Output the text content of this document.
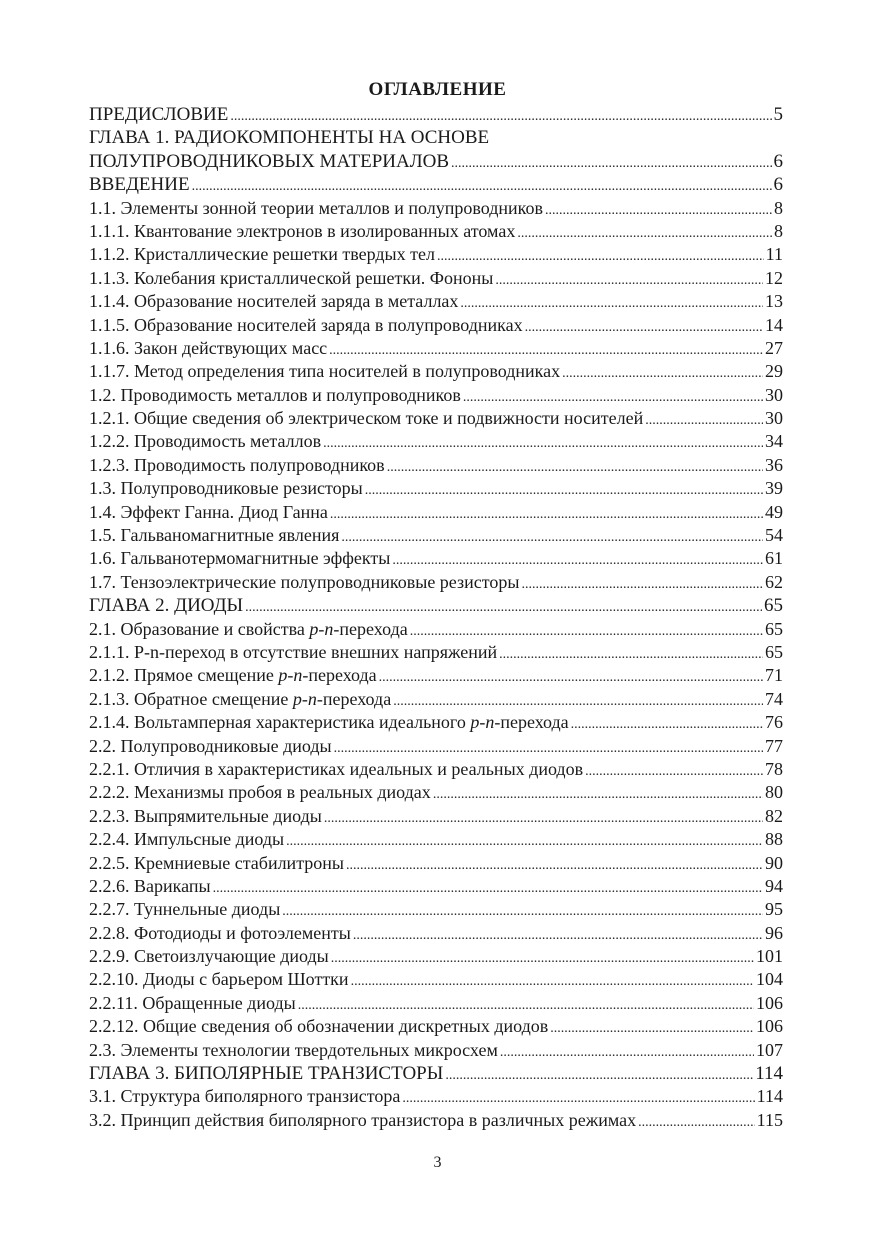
ОГЛАВЛЕНИЕ
ПРЕДИСЛОВИЕ .....	5
ГЛАВА 1. РАДИОКОМПОНЕНТЫ НА ОСНОВЕ
ПОЛУПРОВОДНИКОВЫХ МАТЕРИАЛОВ .....	6
ВВЕДЕНИЕ .....	6
1.1. Элементы зонной теории металлов и полупроводников .....	8
1.1.1. Квантование электронов в изолированных атомах .....	8
1.1.2. Кристаллические решетки твердых тел .....	11
1.1.3. Колебания кристаллической решетки. Фононы .....	12
1.1.4. Образование носителей заряда в металлах .....	13
1.1.5. Образование носителей заряда в полупроводниках .....	14
1.1.6. Закон действующих масс .....	27
1.1.7. Метод определения типа носителей в полупроводниках .....	29
1.2. Проводимость металлов и полупроводников .....	30
1.2.1. Общие сведения об электрическом токе и подвижности носителей .....	30
1.2.2. Проводимость металлов .....	34
1.2.3. Проводимость полупроводников .....	36
1.3. Полупроводниковые резисторы .....	39
1.4. Эффект Ганна. Диод Ганна .....	49
1.5. Гальваномагнитные явления .....	54
1.6. Гальванотермомагнитные эффекты .....	61
1.7. Тензоэлектрические полупроводниковые резисторы .....	62
ГЛАВА 2. ДИОДЫ .....	65
2.1. Образование и свойства p-n-перехода .....	65
2.1.1. P-n-переход в отсутствие внешних напряжений .....	65
2.1.2. Прямое смещение p-n-перехода .....	71
2.1.3. Обратное смещение p-n-перехода .....	74
2.1.4. Вольтамперная характеристика идеального p-n-перехода .....	76
2.2. Полупроводниковые диоды .....	77
2.2.1. Отличия в характеристиках идеальных и реальных диодов .....	78
2.2.2. Механизмы пробоя в реальных диодах .....	80
2.2.3. Выпрямительные диоды .....	82
2.2.4. Импульсные диоды .....	88
2.2.5. Кремниевые стабилитроны .....	90
2.2.6. Варикапы .....	94
2.2.7. Туннельные диоды .....	95
2.2.8. Фотодиоды и фотоэлементы .....	96
2.2.9. Светоизлучающие диоды .....	101
2.2.10. Диоды с барьером Шоттки .....	104
2.2.11. Обращенные диоды .....	106
2.2.12. Общие сведения об обозначении дискретных диодов .....	106
2.3. Элементы технологии твердотельных микросхем .....	107
ГЛАВА 3. БИПОЛЯРНЫЕ ТРАНЗИСТОРЫ .....	114
3.1. Структура биполярного транзистора .....	114
3.2. Принцип действия биполярного транзистора в различных режимах .....	115
3
